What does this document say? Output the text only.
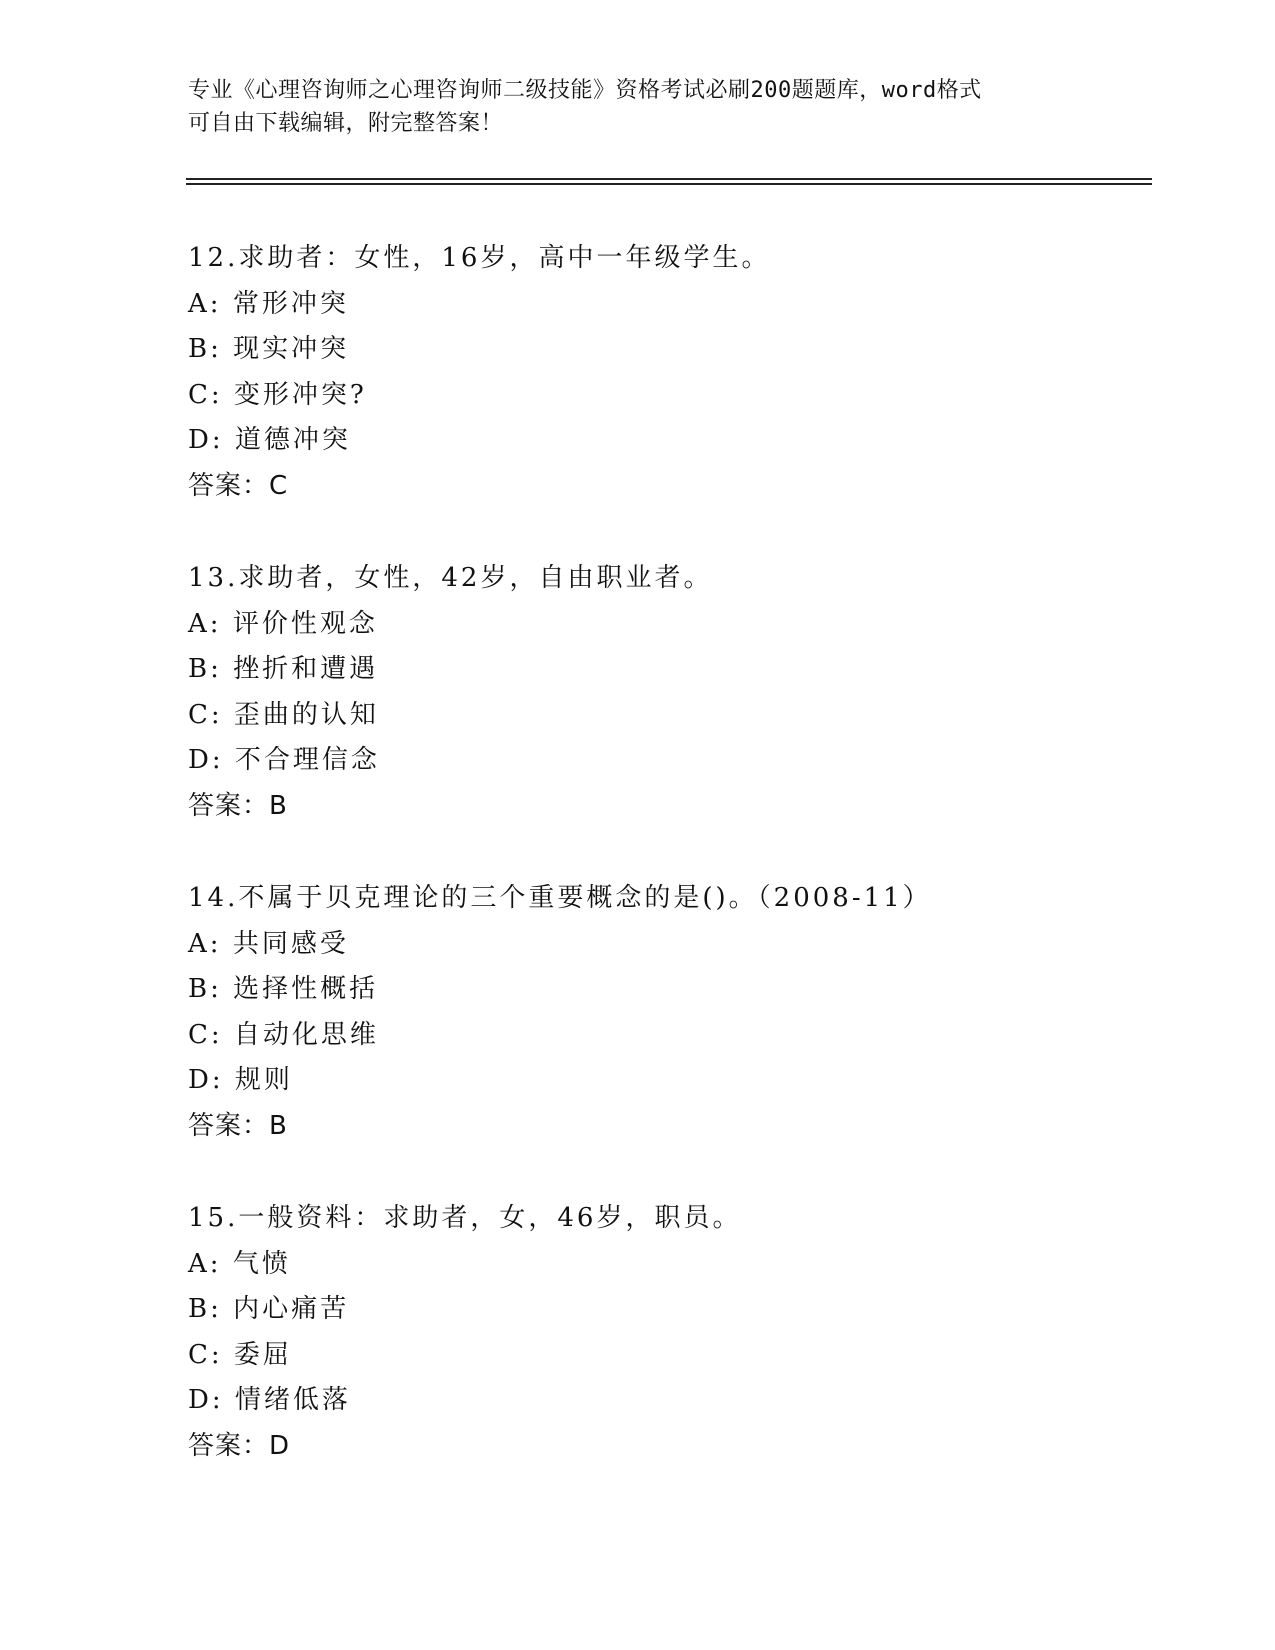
专业《心理咨询师之心理咨询师二级技能》资格考试必刷200题题库，word格式
可自由下载编辑，附完整答案！
12.求助者：女性，16岁，高中一年级学生。
A: 常形冲突
B: 现实冲突
C: 变形冲突?
D: 道德冲突
答案：C
13.求助者，女性，42岁，自由职业者。
A: 评价性观念
B: 挫折和遭遇
C: 歪曲的认知
D: 不合理信念
答案：B
14.不属于贝克理论的三个重要概念的是()。（2008-11）
A: 共同感受
B: 选择性概括
C: 自动化思维
D: 规则
答案：B
15.一般资料：求助者，女，46岁，职员。
A: 气愤
B: 内心痛苦
C: 委屈
D: 情绪低落
答案：D
